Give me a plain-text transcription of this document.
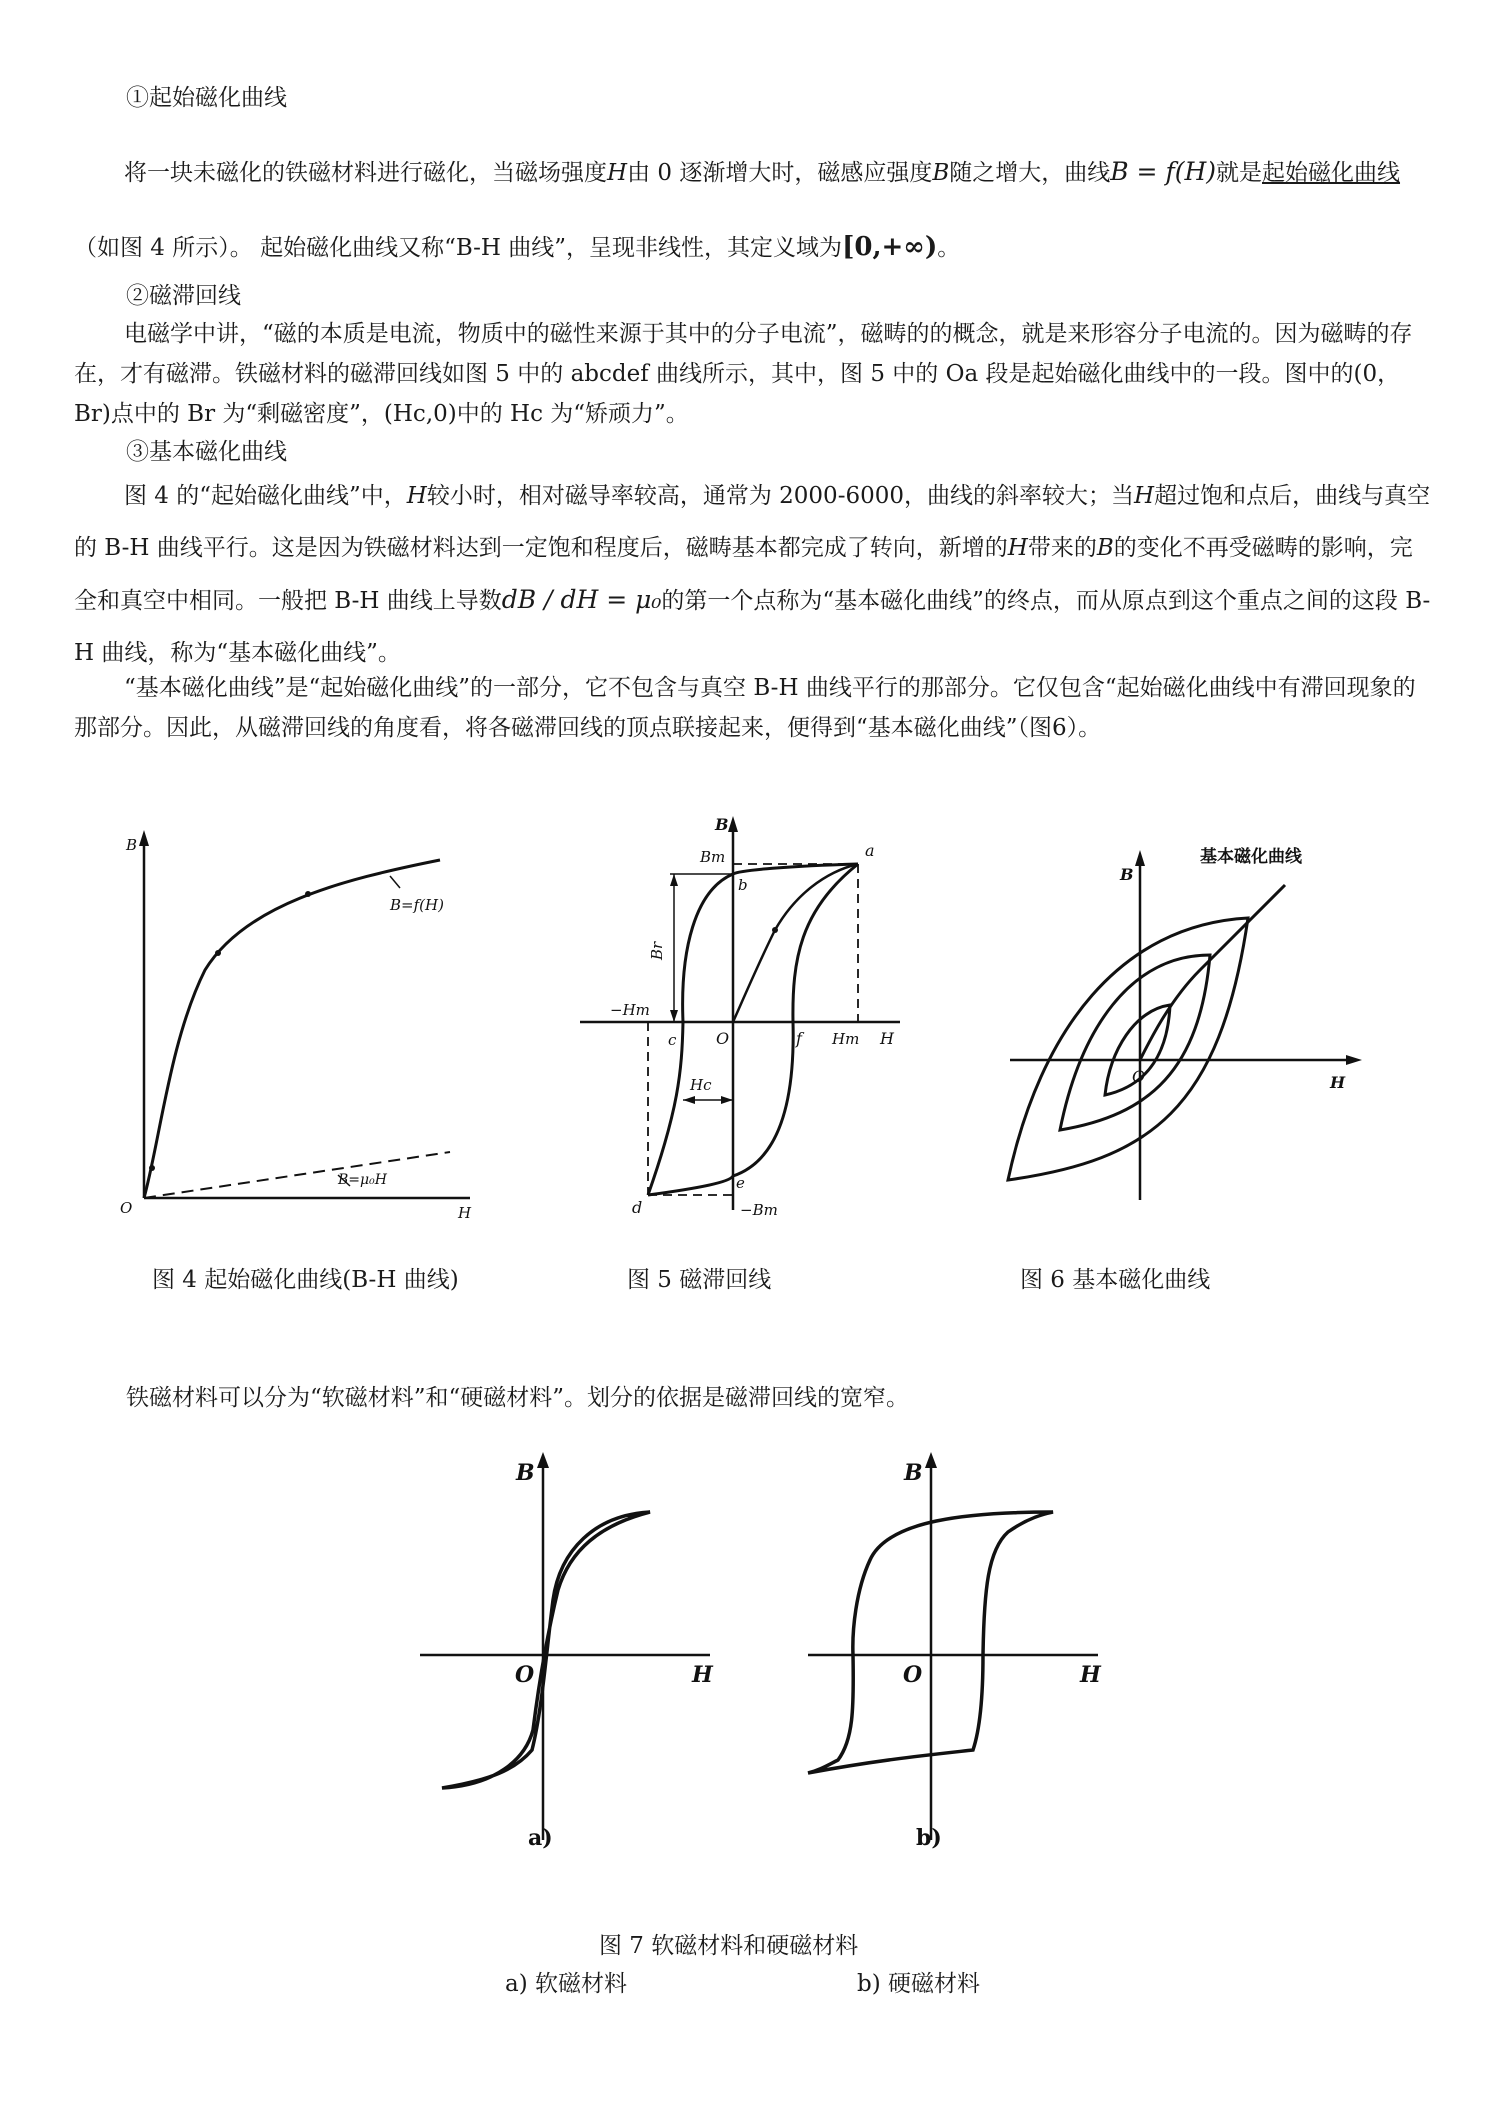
①起始磁化曲线

将一块未磁化的铁磁材料进行磁化，当磁场强度H由 0 逐渐增大时，磁感应强度B随之增大，曲线B = f(H)就是起始磁化曲线（如图 4 所示）。 起始磁化曲线又称“B-H 曲线”，呈现非线性，其定义域为[0,+∞)。

②磁滞回线

电磁学中讲，“磁的本质是电流，物质中的磁性来源于其中的分子电流”，磁畴的的概念，就是来形容分子电流的。因为磁畴的存在，才有磁滞。铁磁材料的磁滞回线如图 5 中的 abcdef 曲线所示，其中，图 5 中的 Oa 段是起始磁化曲线中的一段。图中的(0，Br)点中的 Br 为“剩磁密度”，(Hc,0)中的 Hc 为“矫顽力”。

③基本磁化曲线

图 4 的“起始磁化曲线”中，H较小时，相对磁导率较高，通常为 2000-6000，曲线的斜率较大；当H超过饱和点后，曲线与真空的 B-H 曲线平行。这是因为铁磁材料达到一定饱和程度后，磁畴基本都完成了转向，新增的H带来的B的变化不再受磁畴的影响，完全和真空中相同。一般把 B-H 曲线上导数dB / dH = μ₀的第一个点称为“基本磁化曲线”的终点，而从原点到这个重点之间的这段 B-H 曲线，称为“基本磁化曲线”。

“基本磁化曲线”是“起始磁化曲线”的一部分，它不包含与真空 B-H 曲线平行的那部分。它仅包含“起始磁化曲线中有滞回现象的那部分。因此，从磁滞回线的角度看，将各磁滞回线的顶点联接起来，便得到“基本磁化曲线”（图6）。

B
O	H
B=f(H)
B=μ₀H
B
Bm	a
b
Br
−Hm
c O	f Hm H
Hc
e
−Bm
d
B
基本磁化曲线
O	H

图 4 起始磁化曲线(B-H 曲线)	图 5 磁滞回线	图 6 基本磁化曲线

铁磁材料可以分为“软磁材料”和“硬磁材料”。划分的依据是磁滞回线的宽窄。

B
O	H
a)
B
O	H
b)

图 7 软磁材料和硬磁材料

a) 软磁材料	b) 硬磁材料
